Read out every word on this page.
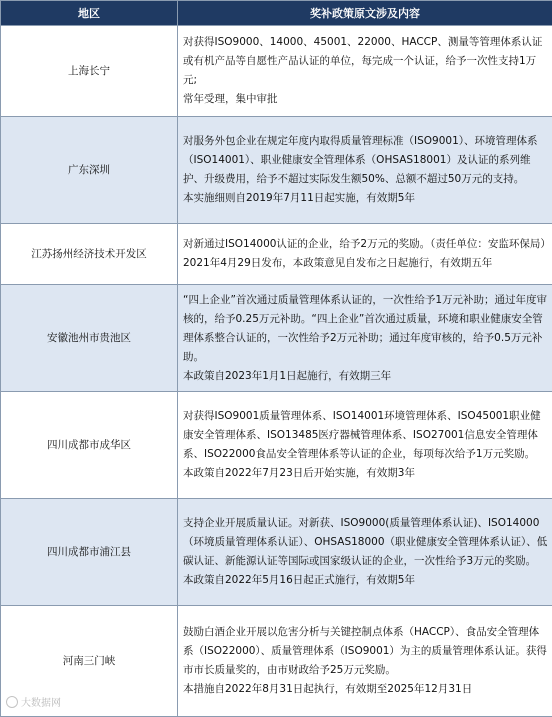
地区	奖补政策原文涉及内容
上海长宁	对获得ISO9000、14000、45001、22000、HACCP、测量等管理体系认证或有机产品等自愿性产品认证的单位，每完成一个认证，给予一次性支持1万元;

常年受理，集中审批

广东深圳	对服务外包企业在规定年度内取得质量管理标准（ISO9001）、环境管理体系（ISO14001）、职业健康安全管理体系（OHSAS18001）及认证的系列维护、升级费用，给予不超过实际发生额50%、总额不超过50万元的支持。

本实施细则自2019年7月11日起实施，有效期5年

江苏扬州经济技术开发区	对新通过ISO14000认证的企业，给予2万元的奖励。（责任单位：安监环保局）

2021年4月29日发布，本政策意见自发布之日起施行，有效期五年

安徽池州市贵池区	“四上企业”首次通过质量管理体系认证的，一次性给予1万元补助；通过年度审核的，给予0.25万元补助。“四上企业”首次通过质量，环境和职业健康安全管理体系整合认证的，一次性给予2万元补助；通过年度审核的，给予0.5万元补助。

本政策自2023年1月1日起施行，有效期三年

四川成都市成华区	对获得ISO9001质量管理体系、ISO14001环境管理体系、ISO45001职业健康安全管理体系、ISO13485医疗器械管理体系、ISO27001信息安全管理体系、ISO22000食品安全管理体系等认证的企业，每项每次给予1万元奖励。

本政策自2022年7月23日后开始实施，有效期3年

四川成都市浦江县	支持企业开展质量认证。对新获、ISO9000(质量管理体系认证)、ISO14000（环境质量管理体系认证）、OHSAS18000（职业健康安全管理体系认证）、低碳认证、新能源认证等国际或国家级认证的企业，一次性给予3万元的奖励。

本政策自2022年5月16日起正式施行，有效期5年

河南三门峡	鼓励白酒企业开展以危害分析与关键控制点体系（HACCP）、食品安全管理体系（ISO22000）、质量管理体系（ISO9001）为主的质量管理体系认证。获得市市长质量奖的，由市财政给予25万元奖励。

本措施自2022年8月31日起执行，有效期至2025年12月31日

大数据网
